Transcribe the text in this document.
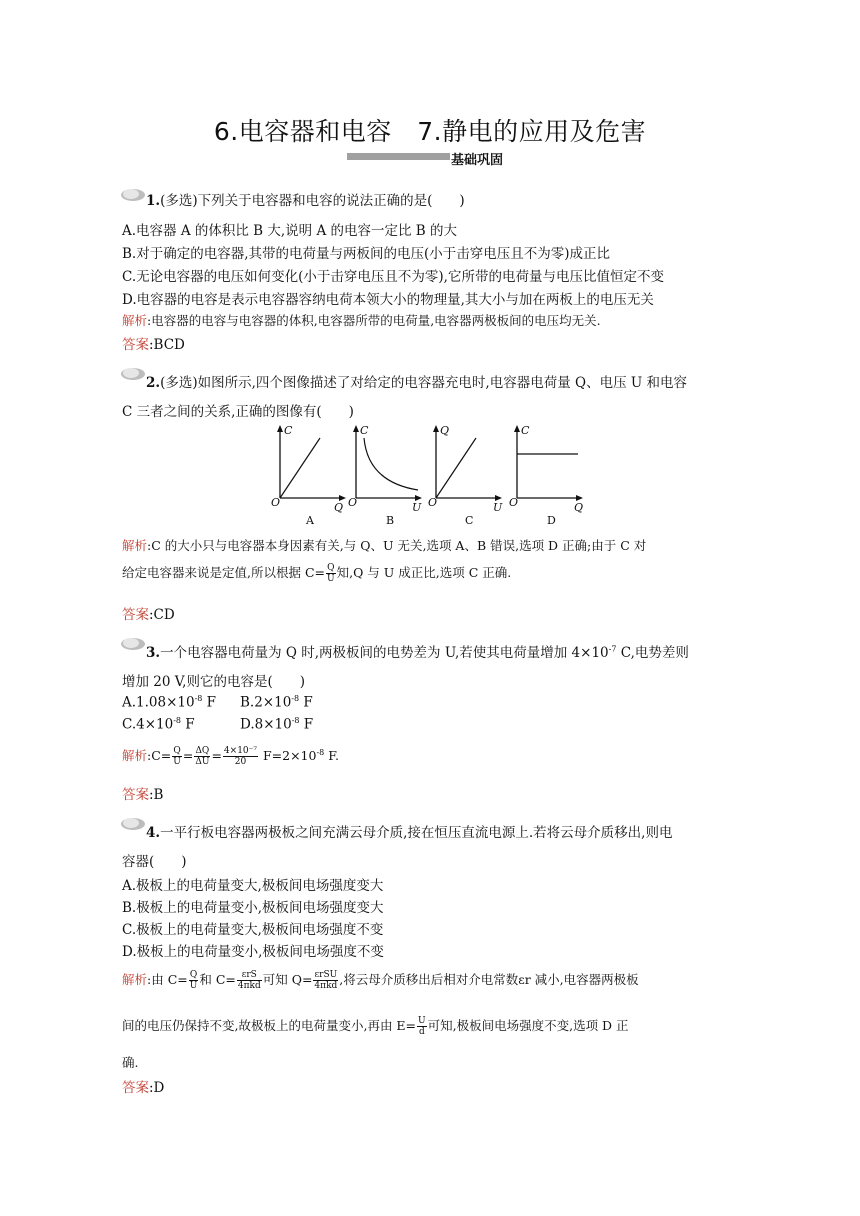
6.电容器和电容　7.静电的应用及危害
基础巩固
1.(多选)下列关于电容器和电容的说法正确的是(　　)
A.电容器 A 的体积比 B 大,说明 A 的电容一定比 B 的大
B.对于确定的电容器,其带的电荷量与两板间的电压(小于击穿电压且不为零)成正比
C.无论电容器的电压如何变化(小于击穿电压且不为零),它所带的电荷量与电压比值恒定不变
D.电容器的电容是表示电容器容纳电荷本领大小的物理量,其大小与加在两板上的电压无关
解析:电容器的电容与电容器的体积,电容器所带的电荷量,电容器两极板间的电压均无关.
答案:BCD
2.(多选)如图所示,四个图像描述了对给定的电容器充电时,电容器电荷量 Q、电压 U 和电容
C 三者之间的关系,正确的图像有(　　)
C
O	Q
A
C
O	U
B
Q
O	U
C
C
O	Q
D
解析:C 的大小只与电容器本身因素有关,与 Q、U 无关,选项 A、B 错误,选项 D 正确;由于 C 对
给定电容器来说是定值,所以根据 $C= \frac{Q}{U}$ 知,Q 与 U 成正比,选项 C 正确.
答案:CD
3.一个电容器电荷量为 Q 时,两极板间的电势差为 U,若使其电荷量增加 $4\times 10^{-7}$ C,电势差则
增加 20 V,则它的电容是(　　)
$A.1.08\times 10^{-8}$ F $B.2\times 10^{-8}$ F
$C.4\times 10^{-8}$ F	$D.8\times 10^{-8}$ F
解析:C= $\frac{Q}{U} = \frac{\Delta Q}{\Delta U} = \frac{\text{4×10⁻⁷}}{20} F=2\times 10^{-8}$ F.
答案:B
4.一平行板电容器两极板之间充满云母介质,接在恒压直流电源上.若将云母介质移出,则电
容器(　　)
A.极板上的电荷量变大,极板间电场强度变大
B.极板上的电荷量变小,极板间电场强度变大
C.极板上的电荷量变大,极板间电场强度不变
D.极板上的电荷量变小,极板间电场强度不变
解析:由 $C= \frac{Q}{U}$ 和 $C= \frac{\text{εrS}}{\text{4πkd}}$ 可知 $Q= \frac{\text{εrSU}}{\text{4πkd}}$ ,将云母介质移出后相对介电常数εr 减小,电容器两极板
间的电压仍保持不变,故极板上的电荷量变小,再由 $E= \frac{U}{d}$ 可知,极板间电场强度不变,选项 D 正
确.
答案:D
